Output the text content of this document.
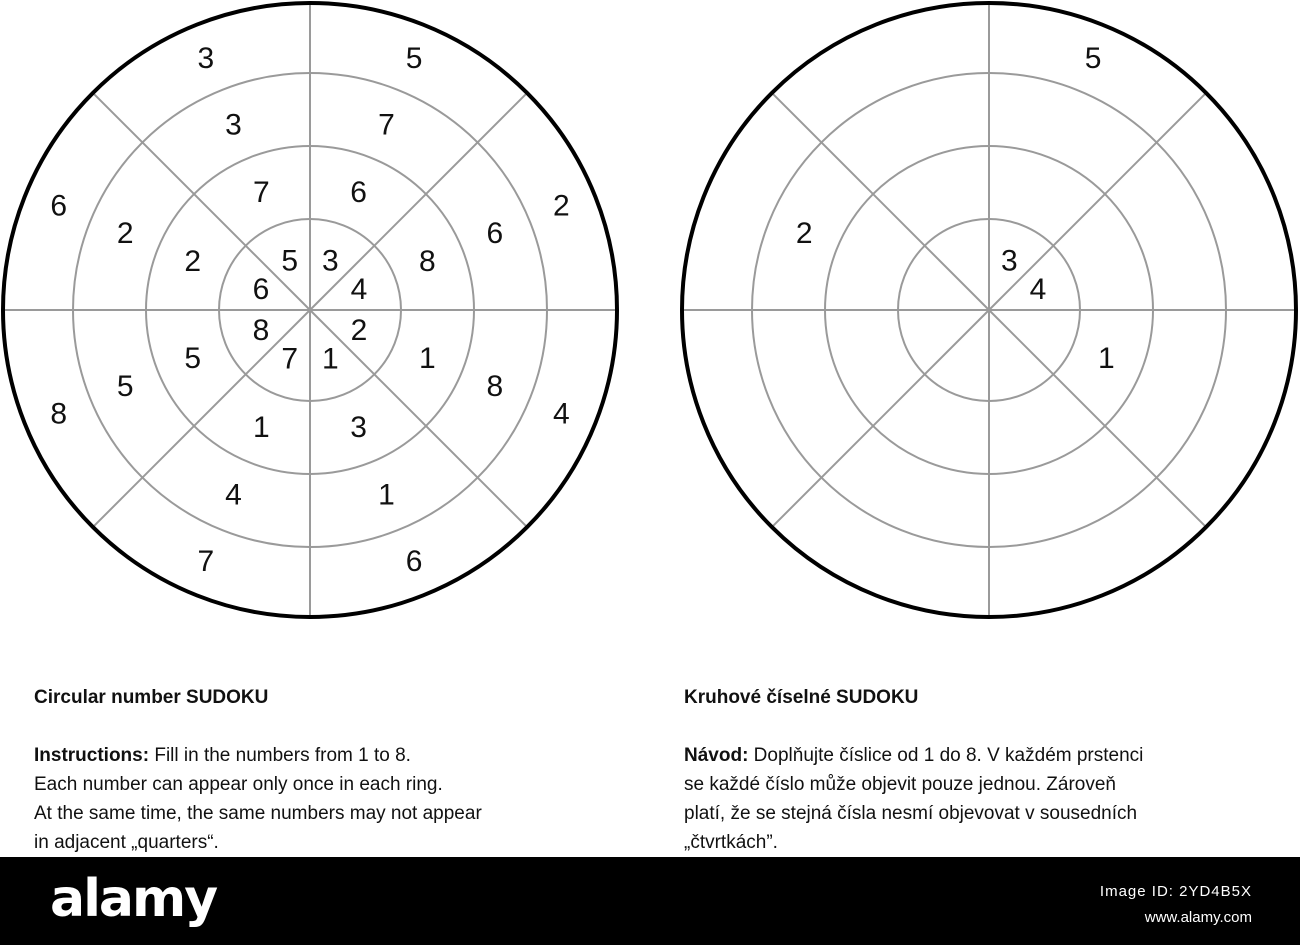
3
4
2
1
7
8
6
5
6
8
1
3
1
5
2
7
7
6
8
1
4
5
2
3
5
2
4
6
7
8
6
3
3
4
1
2
5
Circular number SUDOKU
Instructions: Fill in the numbers from 1 to 8.
Each number can appear only once in each ring.
At the same time, the same numbers may not appear
in adjacent „quarters“.
Kruhové číselné SUDOKU
Návod: Doplňujte číslice od 1 do 8. V každém prstenci
se každé číslo může objevit pouze jednou. Zároveň
platí, že se stejná čísla nesmí objevovat v sousedních
„čtvrtkách”.
alamy	Image ID: 2YD4B5X
www.alamy.com
